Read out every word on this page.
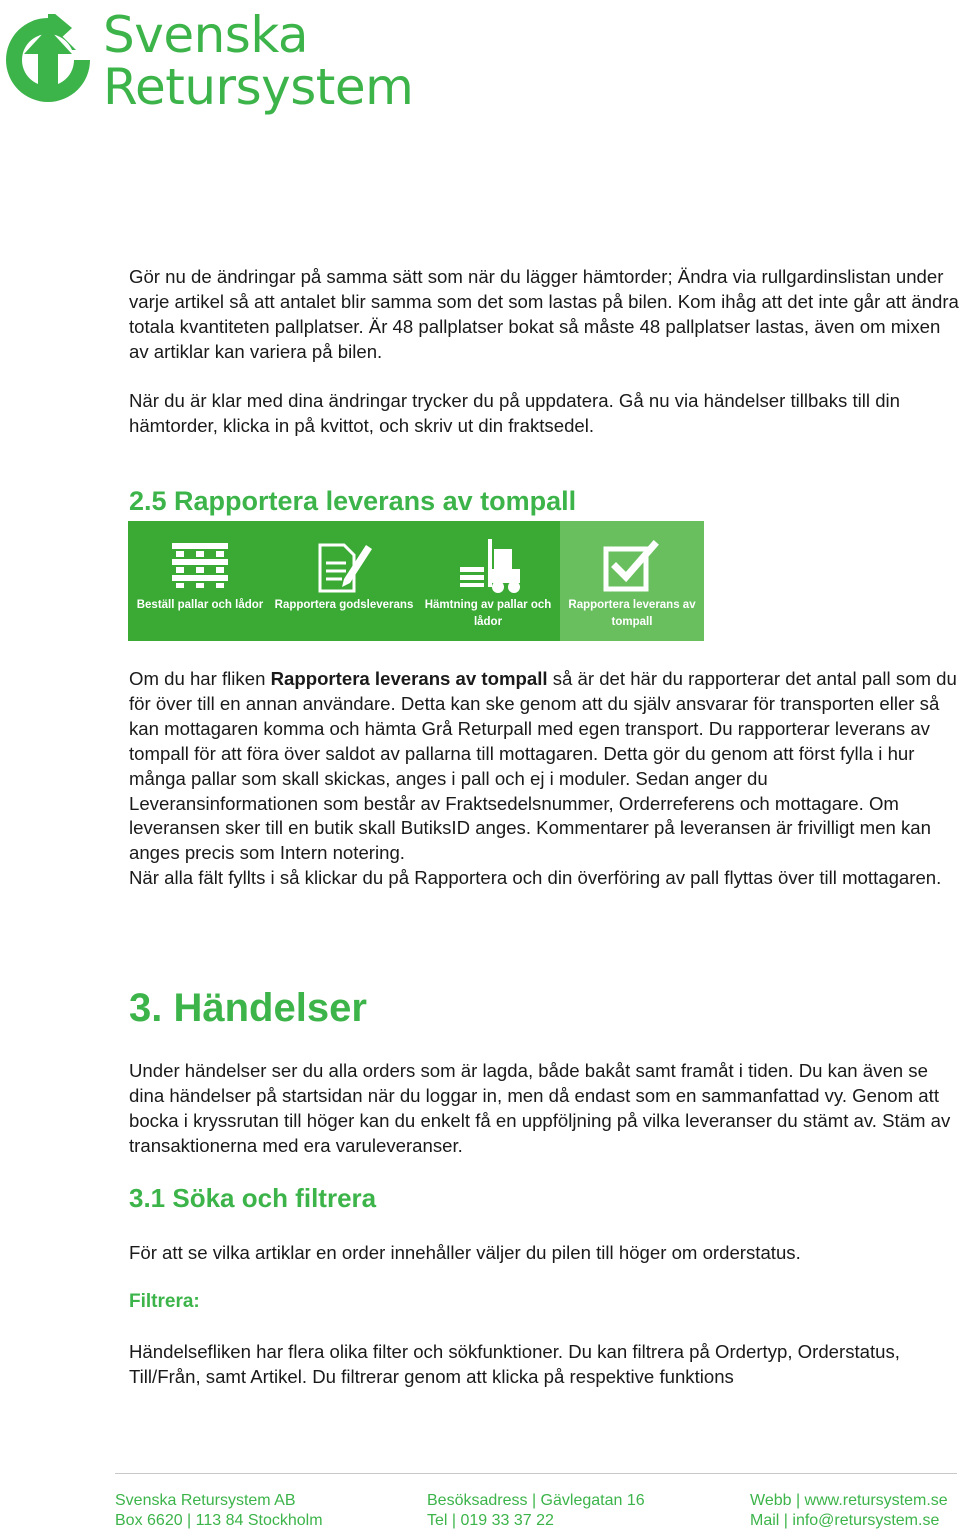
Svenska
Retursystem

Gör nu de ändringar på samma sätt som när du lägger hämtorder; Ändra via rullgardinslistan under varje artikel så att antalet blir samma som det som lastas på bilen. Kom ihåg att det inte går att ändra totala kvantiteten pallplatser. Är 48 pallplatser bokat så måste 48 pallplatser lastas, även om mixen av artiklar kan variera på bilen.

När du är klar med dina ändringar trycker du på uppdatera. Gå nu via händelser tillbaks till din hämtorder, klicka in på kvittot, och skriv ut din fraktsedel.

2.5 Rapportera leverans av tompall
Beställ pallar och lådor Rapportera godsleverans Hämtning av pallar och lådor
Rapportera leverans av tompall

Om du har fliken Rapportera leverans av tompall så är det här du rapporterar det antal pall som du för över till en annan användare. Detta kan ske genom att du själv ansvarar för transporten eller så kan mottagaren komma och hämta Grå Returpall med egen transport. Du rapporterar leverans av tompall för att föra över saldot av pallarna till mottagaren. Detta gör du genom att först fylla i hur många pallar som skall skickas, anges i pall och ej i moduler. Sedan anger du Leveransinformationen som består av Fraktsedelsnummer, Orderreferens och mottagare. Om leveransen sker till en butik skall ButiksID anges. Kommentarer på leveransen är frivilligt men kan anges precis som Intern notering.
När alla fält fyllts i så klickar du på Rapportera och din överföring av pall flyttas över till mottagaren.

3. Händelser

Under händelser ser du alla orders som är lagda, både bakåt samt framåt i tiden. Du kan även se dina händelser på startsidan när du loggar in, men då endast som en sammanfattad vy. Genom att bocka i kryssrutan till höger kan du enkelt få en uppföljning på vilka leveranser du stämt av. Stäm av transaktionerna med era varuleveranser.

3.1 Söka och filtrera

För att se vilka artiklar en order innehåller väljer du pilen till höger om orderstatus.

Filtrera:

Händelsefliken har flera olika filter och sökfunktioner. Du kan filtrera på Ordertyp, Orderstatus, Till/Från, samt Artikel. Du filtrerar genom att klicka på respektive funktions

Svenska Retursystem AB
Box 6620 | 113 84 Stockholm
Besöksadress | Gävlegatan 16
Tel | 019 33 37 22
Webb | www.retursystem.se
Mail | info@retursystem.se
